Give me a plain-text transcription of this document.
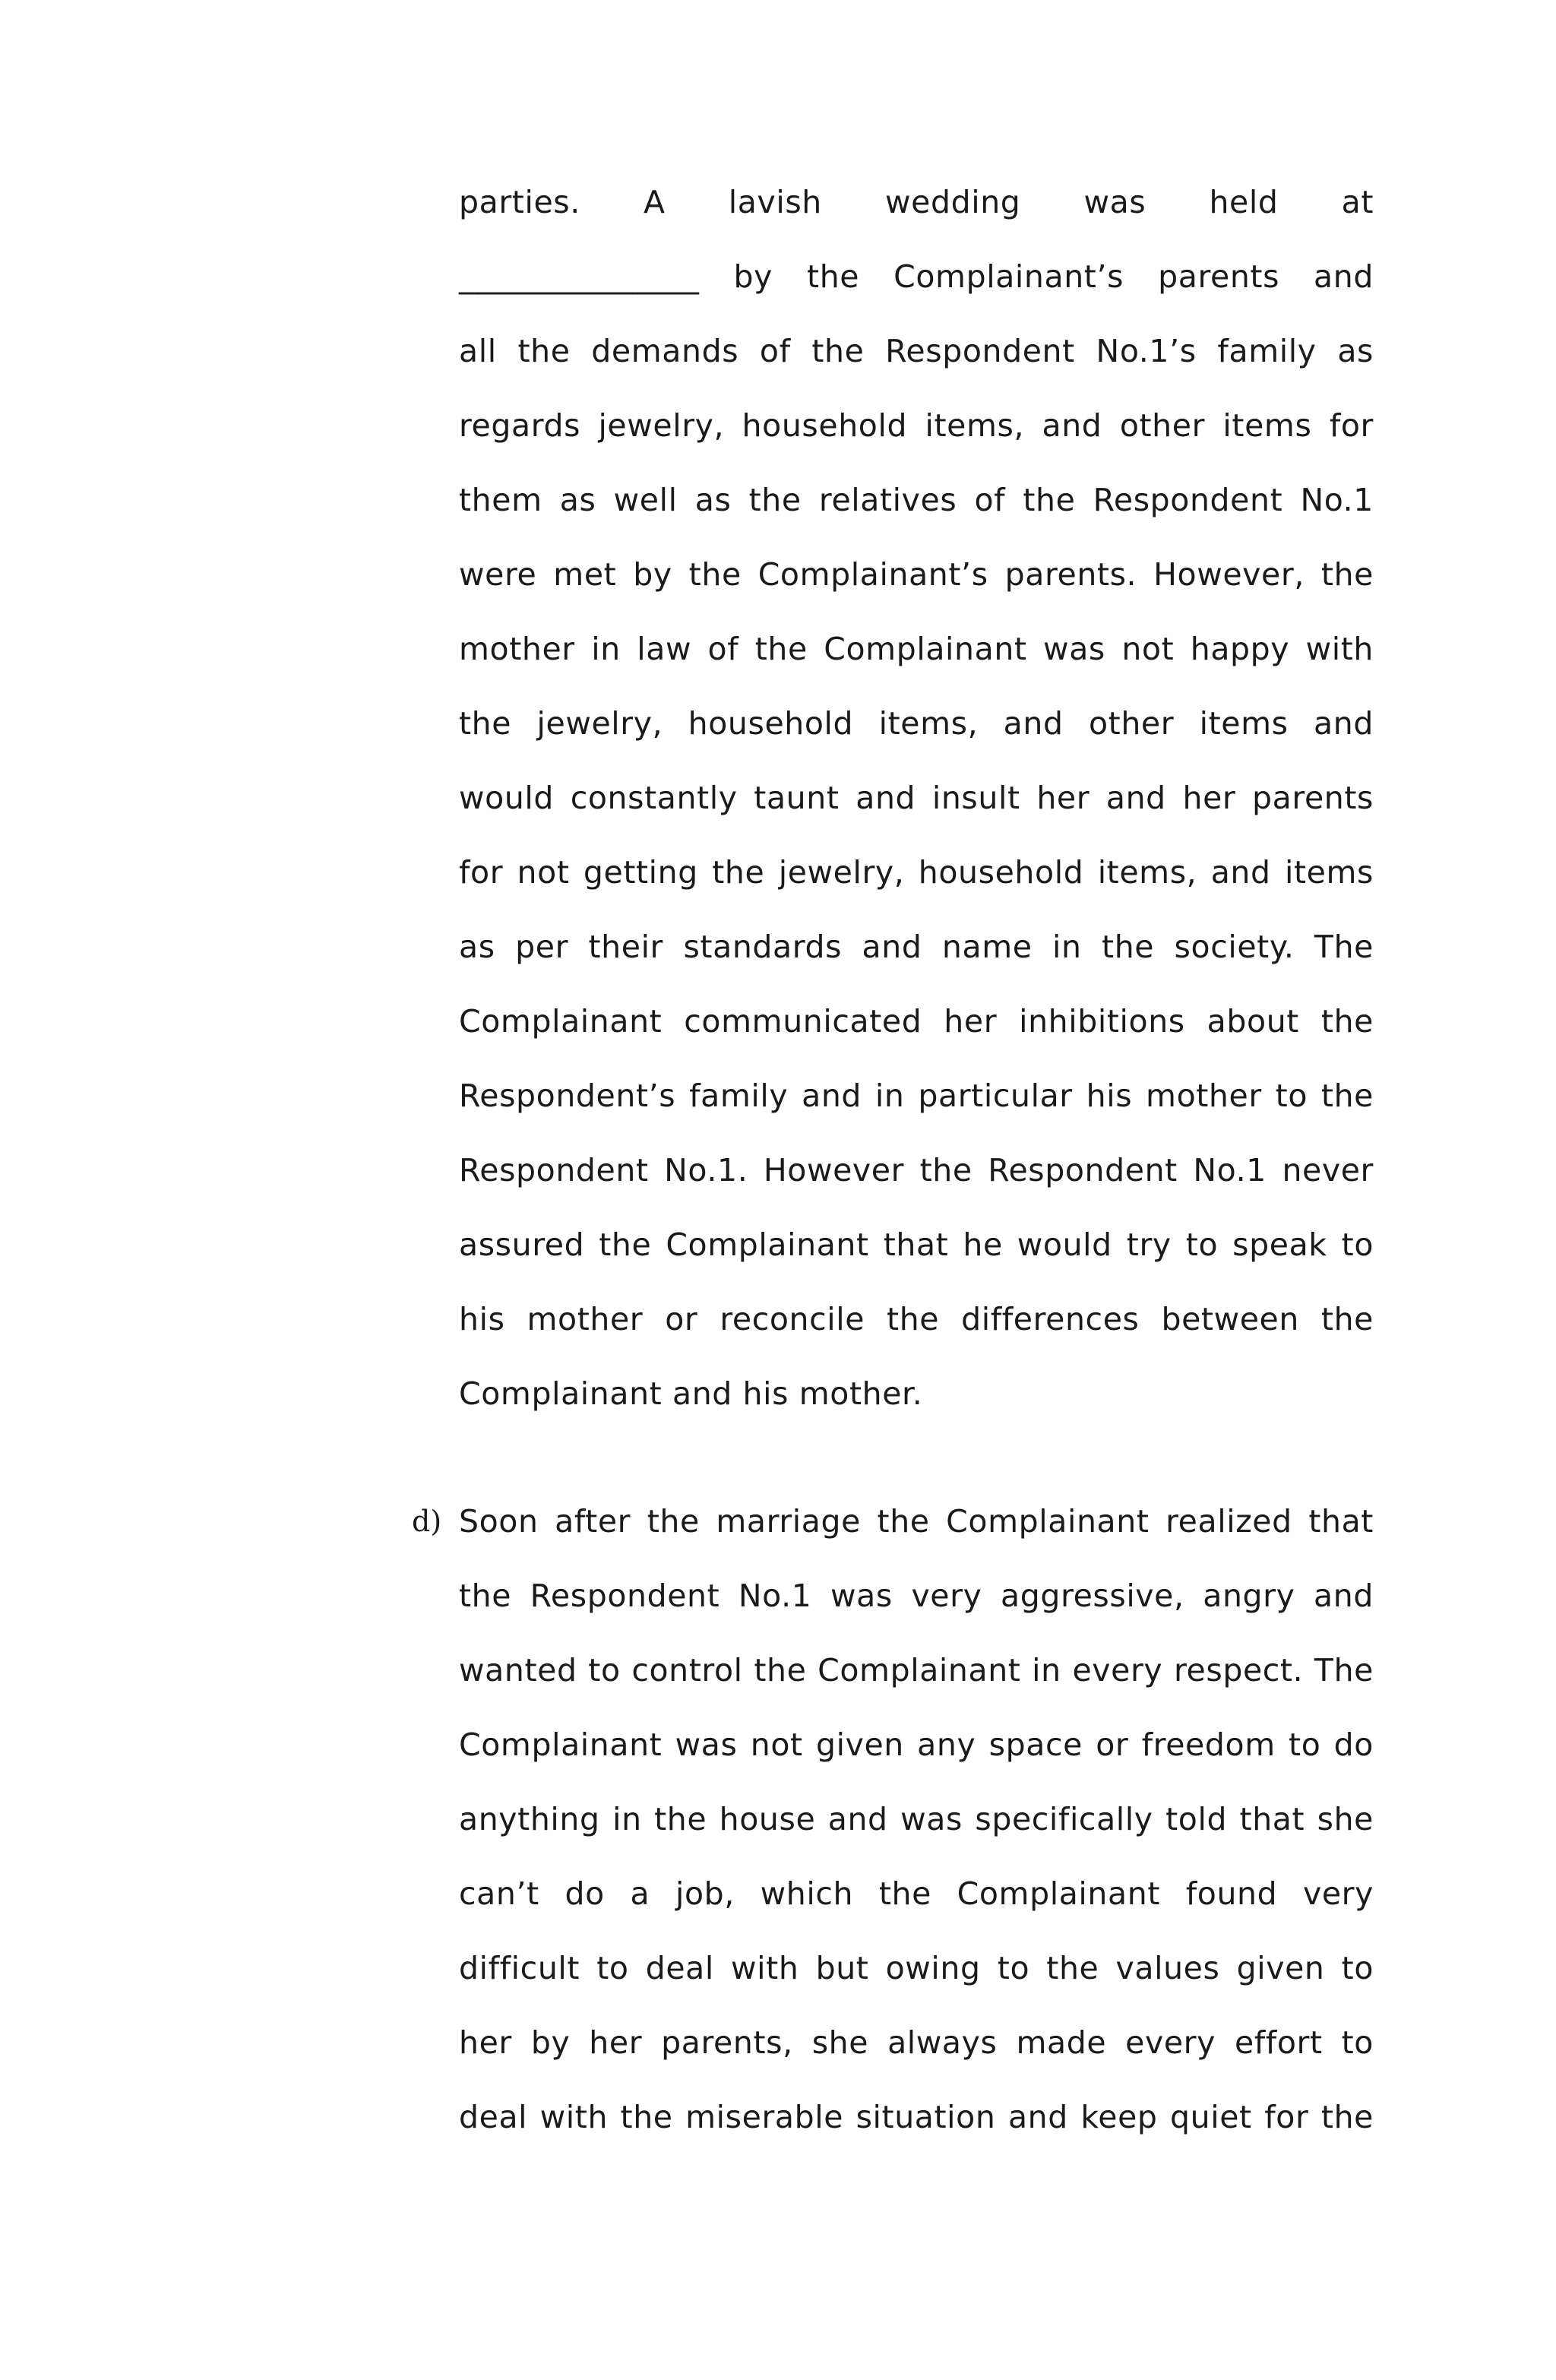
parties. A lavish wedding was held at
_______________ by the Complainant’s parents and
all the demands of the Respondent No.1’s family as
regards jewelry, household items, and other items for
them as well as the relatives of the Respondent No.1
were met by the Complainant’s parents. However, the
mother in law of the Complainant was not happy with
the jewelry, household items, and other items and
would constantly taunt and insult her and her parents
for not getting the jewelry, household items, and items
as per their standards and name in the society. The
Complainant communicated her inhibitions about the
Respondent’s family and in particular his mother to the
Respondent No.1. However the Respondent No.1 never
assured the Complainant that he would try to speak to
his mother or reconcile the differences between the
Complainant and his mother.
d) Soon after the marriage the Complainant realized that
the Respondent No.1 was very aggressive, angry and
wanted to control the Complainant in every respect. The
Complainant was not given any space or freedom to do
anything in the house and was specifically told that she
can’t do a job, which the Complainant found very
difficult to deal with but owing to the values given to
her by her parents, she always made every effort to
deal with the miserable situation and keep quiet for the
